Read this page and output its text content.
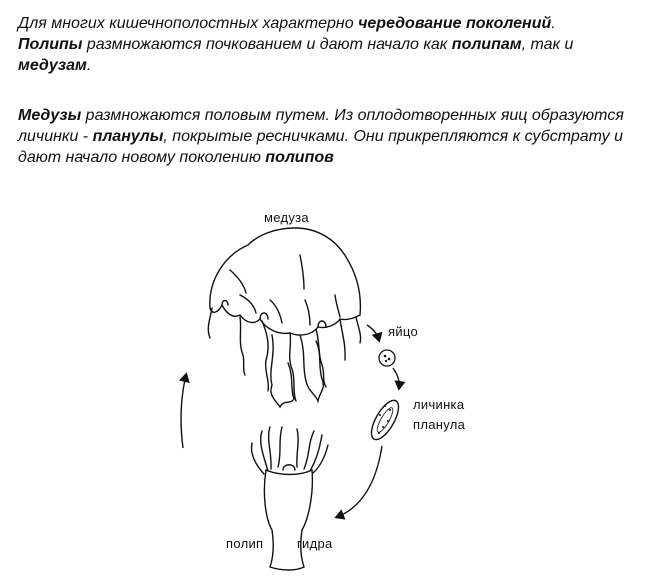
Для многих кишечнополостных характерно чередование поколений.
Полипы размножаются почкованием и дают начало как полипам, так и
медузам.

Медузы размножаются половым путем. Из оплодотворенных яиц образуются личинки - планулы, покрытые ресничками. Они прикрепляются к субстрату и дают начало новому поколению полипов

медуза
яйцо
личинка
планула
полип	гидра
